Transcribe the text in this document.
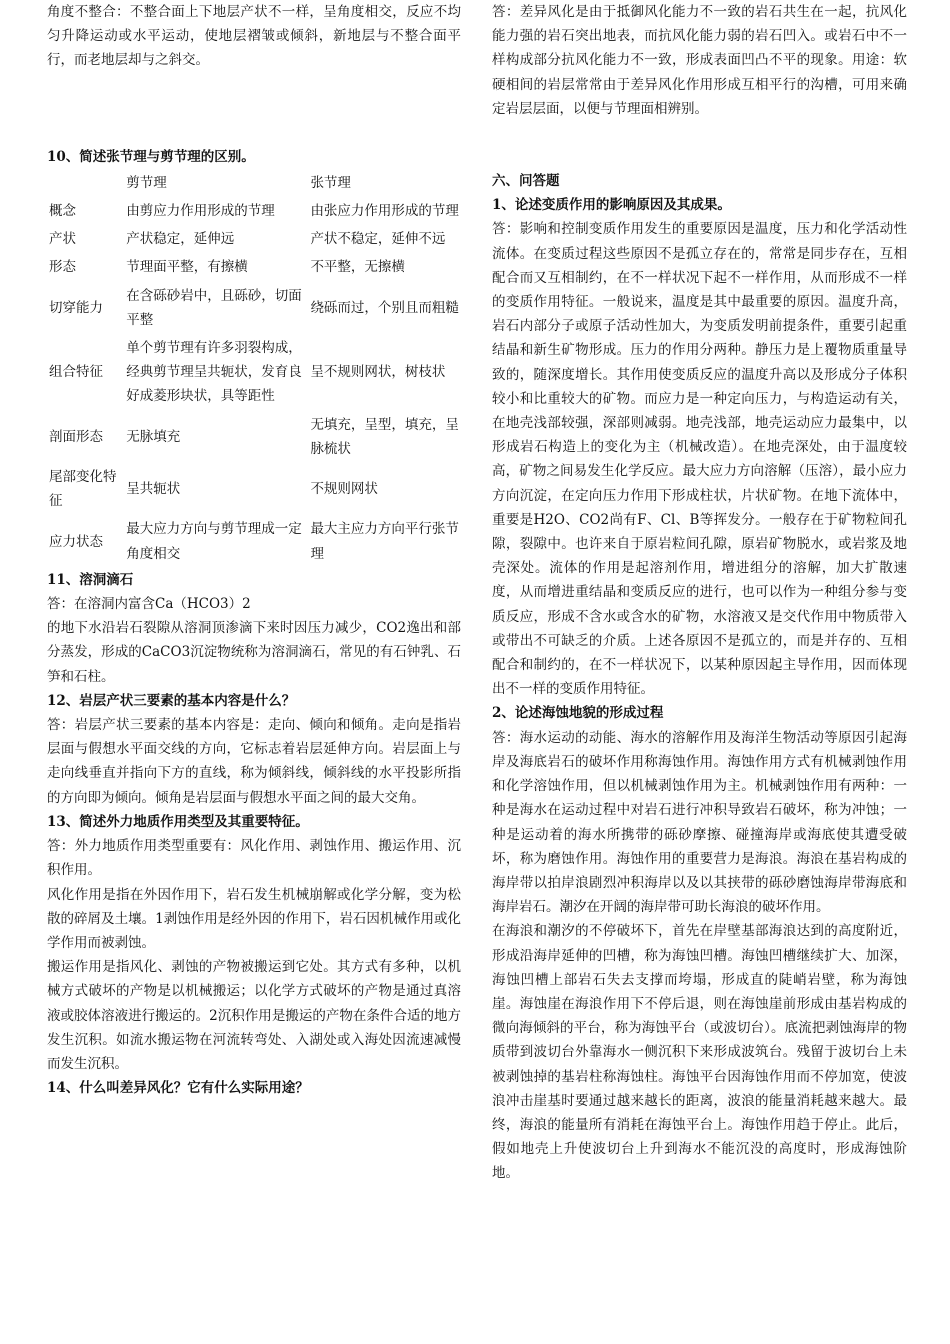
角度不整合：不整合面上下地层产状不一样，呈角度相交，反应不均匀升降运动或水平运动，使地层褶皱或倾斜，新地层与不整合面平行，而老地层却与之斜交。

10、简述张节理与剪节理的区别。

	剪节理	张节理
概念	由剪应力作用形成的节理	由张应力作用形成的节理
产状	产状稳定，延伸远	产状不稳定，延伸不远
形态	节理面平整，有擦横	不平整，无擦横
切穿能力	在含砾砂岩中，且砾砂，切面平整	绕砾而过，个别且而粗糙
组合特征	单个剪节理有许多羽裂构成，经典剪节理呈共轭状，发育良好成菱形块状，具等距性	呈不规则网状，树枝状
剖面形态	无脉填充	无填充，呈型，填充，呈脉梳状
尾部变化特征	呈共轭状	不规则网状
应力状态	最大应力方向与剪节理成一定角度相交	最大主应力方向平行张节理

11、溶洞滴石

答：在溶洞内富含Ca（HCO3）2

的地下水沿岩石裂隙从溶洞顶渗滴下来时因压力减少，CO2逸出和部分蒸发，形成的CaCO3沉淀物统称为溶洞滴石，常见的有石钟乳、石笋和石柱。

12、岩层产状三要素的基本内容是什么？

答：岩层产状三要素的基本内容是：走向、倾向和倾角。走向是指岩层面与假想水平面交线的方向，它标志着岩层延伸方向。岩层面上与走向线垂直并指向下方的直线，称为倾斜线，倾斜线的水平投影所指的方向即为倾向。倾角是岩层面与假想水平面之间的最大交角。

13、简述外力地质作用类型及其重要特征。

答：外力地质作用类型重要有：风化作用、剥蚀作用、搬运作用、沉积作用。

风化作用是指在外因作用下，岩石发生机械崩解或化学分解，变为松散的碎屑及土壤。1剥蚀作用是经外因的作用下，岩石因机械作用或化学作用而被剥蚀。

搬运作用是指风化、剥蚀的产物被搬运到它处。其方式有多种，以机械方式破坏的产物是以机械搬运；以化学方式破坏的产物是通过真溶液或胶体溶液进行搬运的。2沉积作用是搬运的产物在条件合适的地方发生沉积。如流水搬运物在河流转弯处、入湖处或入海处因流速减慢而发生沉积。

14、什么叫差异风化？它有什么实际用途？

答：差异风化是由于抵御风化能力不一致的岩石共生在一起，抗风化能力强的岩石突出地表，而抗风化能力弱的岩石凹入。或岩石中不一样构成部分抗风化能力不一致，形成表面凹凸不平的现象。用途：软硬相间的岩层常常由于差异风化作用形成互相平行的沟槽，可用来确定岩层层面，以便与节理面相辨别。

六、问答题

1、论述变质作用的影响原因及其成果。

答：影响和控制变质作用发生的重要原因是温度，压力和化学活动性流体。在变质过程这些原因不是孤立存在的，常常是同步存在，互相配合而又互相制约，在不一样状况下起不一样作用，从而形成不一样的变质作用特征。一般说来，温度是其中最重要的原因。温度升高，岩石内部分子或原子活动性加大，为变质发明前提条件，重要引起重结晶和新生矿物形成。压力的作用分两种。静压力是上覆物质重量导致的，随深度增长。其作用使变质反应的温度升高以及形成分子体积较小和比重较大的矿物。而应力是一种定向压力，与构造运动有关，在地壳浅部较强，深部则减弱。地壳浅部，地壳运动应力最集中，以形成岩石构造上的变化为主（机械改造）。在地壳深处，由于温度较高，矿物之间易发生化学反应。最大应力方向溶解（压溶），最小应力方向沉淀，在定向压力作用下形成柱状，片状矿物。在地下流体中，重要是H2O、CO2尚有F、Cl、B等挥发分。一般存在于矿物粒间孔隙，裂隙中。也许来自于原岩粒间孔隙，原岩矿物脱水，或岩浆及地壳深处。流体的作用是起溶剂作用，增进组分的溶解，加大扩散速度，从而增进重结晶和变质反应的进行，也可以作为一种组分参与变质反应，形成不含水或含水的矿物，水溶液又是交代作用中物质带入或带出不可缺乏的介质。上述各原因不是孤立的，而是并存的、互相配合和制约的，在不一样状况下，以某种原因起主导作用，因而体现出不一样的变质作用特征。

2、论述海蚀地貌的形成过程

答：海水运动的动能、海水的溶解作用及海洋生物活动等原因引起海岸及海底岩石的破坏作用称海蚀作用。海蚀作用方式有机械剥蚀作用和化学溶蚀作用，但以机械剥蚀作用为主。机械剥蚀作用有两种：一种是海水在运动过程中对岩石进行冲积导致岩石破坏，称为冲蚀；一种是运动着的海水所携带的砾砂摩擦、碰撞海岸或海底使其遭受破坏，称为磨蚀作用。海蚀作用的重要营力是海浪。海浪在基岩构成的海岸带以拍岸浪剧烈冲积海岸以及以其挟带的砾砂磨蚀海岸带海底和海岸岩石。潮汐在开阔的海岸带可助长海浪的破坏作用。

在海浪和潮汐的不停破坏下，首先在岸壁基部海浪达到的高度附近，形成沿海岸延伸的凹槽，称为海蚀凹槽。海蚀凹槽继续扩大、加深，海蚀凹槽上部岩石失去支撑而垮塌，形成直的陡峭岩壁，称为海蚀崖。海蚀崖在海浪作用下不停后退，则在海蚀崖前形成由基岩构成的微向海倾斜的平台，称为海蚀平台（或波切台）。底流把剥蚀海岸的物质带到波切台外靠海水一侧沉积下来形成波筑台。残留于波切台上未被剥蚀掉的基岩柱称海蚀柱。海蚀平台因海蚀作用而不停加宽，使波浪冲击崖基时要通过越来越长的距离，波浪的能量消耗越来越大。最终，海浪的能量所有消耗在海蚀平台上。海蚀作用趋于停止。此后，假如地壳上升使波切台上升到海水不能沉没的高度时，形成海蚀阶地。
